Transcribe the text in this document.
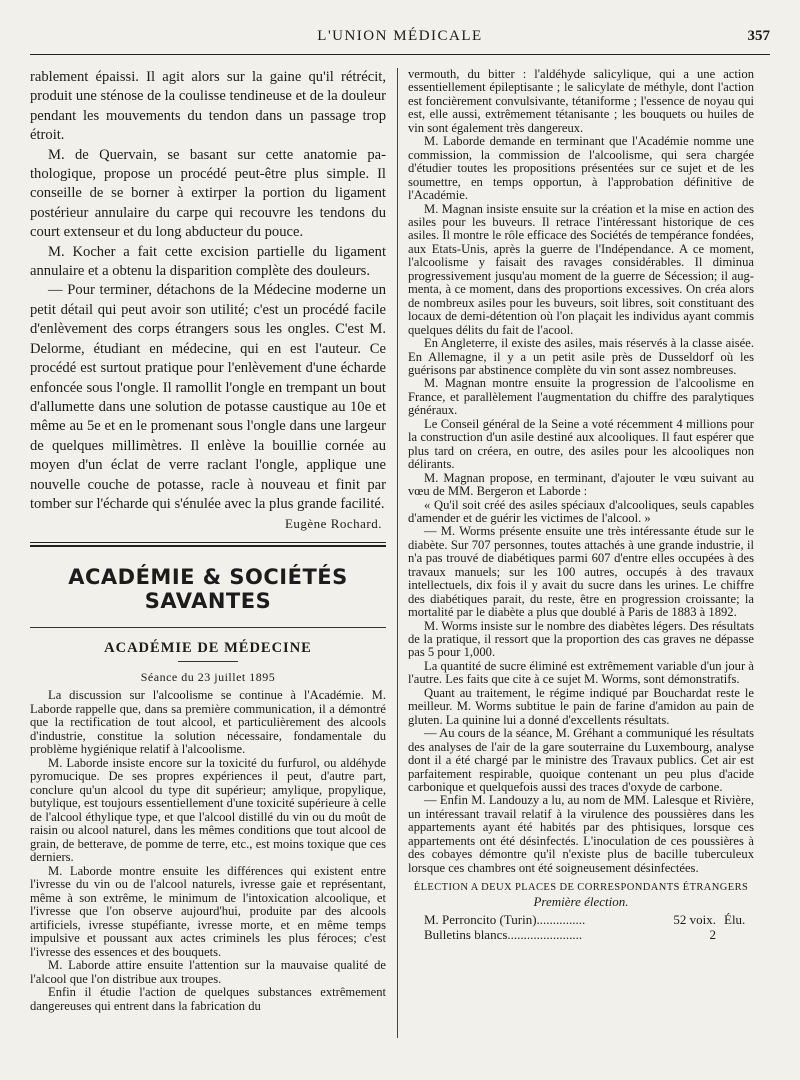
L'UNION MÉDICALE	357

rablement épaissi. Il agit alors sur la gaine qu'il rétrécit, produit une sténose de la coulisse tendineuse et de la douleur pendant les mouvements du tendon dans un passage trop étroit.

M. de Quervain, se basant sur cette anatomie pathologique, propose un procédé peut-être plus simple. Il conseille de se borner à extirper la portion du ligament postérieur annulaire du carpe qui recouvre les tendons du court extenseur et du long abducteur du pouce.

M. Kocher a fait cette excision partielle du ligament annulaire et a obtenu la disparition complète des douleurs.

— Pour terminer, détachons de la Médecine moderne un petit détail qui peut avoir son utilité; c'est un procédé facile d'enlèvement des corps étrangers sous les ongles. C'est M. Delorme, étudiant en médecine, qui en est l'auteur. Ce procédé est surtout pratique pour l'enlèvement d'une écharde enfoncée sous l'ongle. Il ramollit l'ongle en trempant un bout d'allumette dans une solution de potasse caustique au 10e et même au 5e et en le promenant sous l'ongle dans une largeur de quelques millimètres. Il enlève la bouillie cornée au moyen d'un éclat de verre raclant l'ongle, applique une nouvelle couche de potasse, racle à nouveau et finit par tomber sur l'écharde qui s'énulée avec la plus grande facilité.

Eugène Rochard.
ACADÉMIE & SOCIÉTÉS SAVANTES
ACADÉMIE DE MÉDECINE
Séance du 23 juillet 1895

La discussion sur l'alcoolisme se continue à l'Académie. M. Laborde rappelle que, dans sa première communication, il a démontré que la rectification de tout alcool, et particulièrement des alcools d'industrie, constitue la solution nécessaire, fondamentale du problème hygiénique relatif à l'alcoolisme.

M. Laborde insiste encore sur la toxicité du furfurol, ou aldéhyde pyromucique. De ses propres expériences il peut, d'autre part, conclure qu'un alcool du type dit supérieur; amylique, propylique, butylique, est toujours essentiellement d'une toxicité supérieure à celle de l'alcool éthylique type, et que l'alcool distillé du vin ou du moût de raisin ou alcool naturel, dans les mêmes conditions que tout alcool de grain, de betterave, de pomme de terre, etc., est moins toxique que ces derniers.

M. Laborde montre ensuite les différences qui existent entre l'ivresse du vin ou de l'alcool naturels, ivresse gaie et représentant, même à son extrême, le minimum de l'intoxication alcoolique, et l'ivresse que l'on observe aujourd'hui, produite par des alcools artificiels, ivresse stupéfiante, ivresse morte, et en même temps impulsive et poussant aux actes criminels les plus féroces; c'est l'ivresse des essences et des bouquets.

M. Laborde attire ensuite l'attention sur la mauvaise qualité de l'alcool que l'on distribue aux troupes.

Enfin il étudie l'action de quelques substances extrêmement dangereuses qui entrent dans la fabrication du

vermouth, du bitter : l'aldéhyde salicylique, qui a une action essentiellement épileptisante ; le salicylate de méthyle, dont l'action est foncièrement convulsivante, tétaniforme ; l'essence de noyau qui est, elle aussi, extrêmement tétanisante ; les bouquets ou huiles de vin sont également très dangereux.

M. Laborde demande en terminant que l'Académie nomme une commission, la commission de l'alcoolisme, qui sera chargée d'étudier toutes les propositions présentées sur ce sujet et de les soumettre, en temps opportun, à l'approbation définitive de l'Académie.

M. Magnan insiste ensuite sur la création et la mise en action des asiles pour les buveurs. Il retrace l'intéressant historique de ces asiles. Il montre le rôle efficace des Sociétés de tempérance fondées, aux Etats-Unis, après la guerre de l'Indépendance. A ce moment, l'alcoolisme y faisait des ravages considérables. Il diminua progressivement jusqu'au moment de la guerre de Sécession; il augmenta, à ce moment, dans des proportions excessives. On créa alors de nombreux asiles pour les buveurs, soit libres, soit constituant des locaux de demi-détention où l'on plaçait les individus ayant commis quelques délits du fait de l'acool.

En Angleterre, il existe des asiles, mais réservés à la classe aisée. En Allemagne, il y a un petit asile près de Dusseldorf où les guérisons par abstinence complète du vin sont assez nombreuses.

M. Magnan montre ensuite la progression de l'alcoolisme en France, et parallèlement l'augmentation du chiffre des paralytiques généraux.

Le Conseil général de la Seine a voté récemment 4 millions pour la construction d'un asile destiné aux alcooliques. Il faut espérer que plus tard on créera, en outre, des asiles pour les alcooliques non délirants.

M. Magnan propose, en terminant, d'ajouter le vœu suivant au vœu de MM. Bergeron et Laborde :

« Qu'il soit créé des asiles spéciaux d'alcooliques, seuls capables d'amender et de guérir les victimes de l'alcool. »

— M. Worms présente ensuite une très intéressante étude sur le diabète. Sur 707 personnes, toutes attachés à une grande industrie, il n'a pas trouvé de diabétiques parmi 607 d'entre elles occupées à des travaux manuels; sur les 100 autres, occupés à des travaux intellectuels, dix fois il y avait du sucre dans les urines. Le chiffre des diabétiques parait, du reste, être en progression croissante; la mortalité par le diabète a plus que doublé à Paris de 1883 à 1892.

M. Worms insiste sur le nombre des diabètes légers. Des résultats de la pratique, il ressort que la proportion des cas graves ne dépasse pas 5 pour 1,000.

La quantité de sucre éliminé est extrêmement variable d'un jour à l'autre. Les faits que cite à ce sujet M. Worms, sont démonstratifs.

Quant au traitement, le régime indiqué par Bouchardat reste le meilleur. M. Worms subtitue le pain de farine d'amidon au pain de gluten. La quinine lui a donné d'excellents résultats.

— Au cours de la séance, M. Gréhant a communiqué les résultats des analyses de l'air de la gare souterraine du Luxembourg, analyse dont il a été chargé par le ministre des Travaux publics. Cet air est parfaitement respirable, quoique contenant un peu plus d'acide carbonique et quelquefois aussi des traces d'oxyde de carbone.

— Enfin M. Landouzy a lu, au nom de MM. Lalesque et Rivière, un intéressant travail relatif à la virulence des poussières dans les appartements ayant été habités par des phtisiques, lorsque ces appartements ont été désinfectés. L'inoculation de ces poussières à des cobayes démontre qu'il n'existe plus de bacille tuberculeux lorsque ces chambres ont été soigneusement désinfectées.

ÉLECTION A DEUX PLACES DE CORRESPONDANTS ÉTRANGERS
Première élection.
M. Perroncito (Turin)...............	52 voix. Élu.
Bulletins blancs.......................	2
